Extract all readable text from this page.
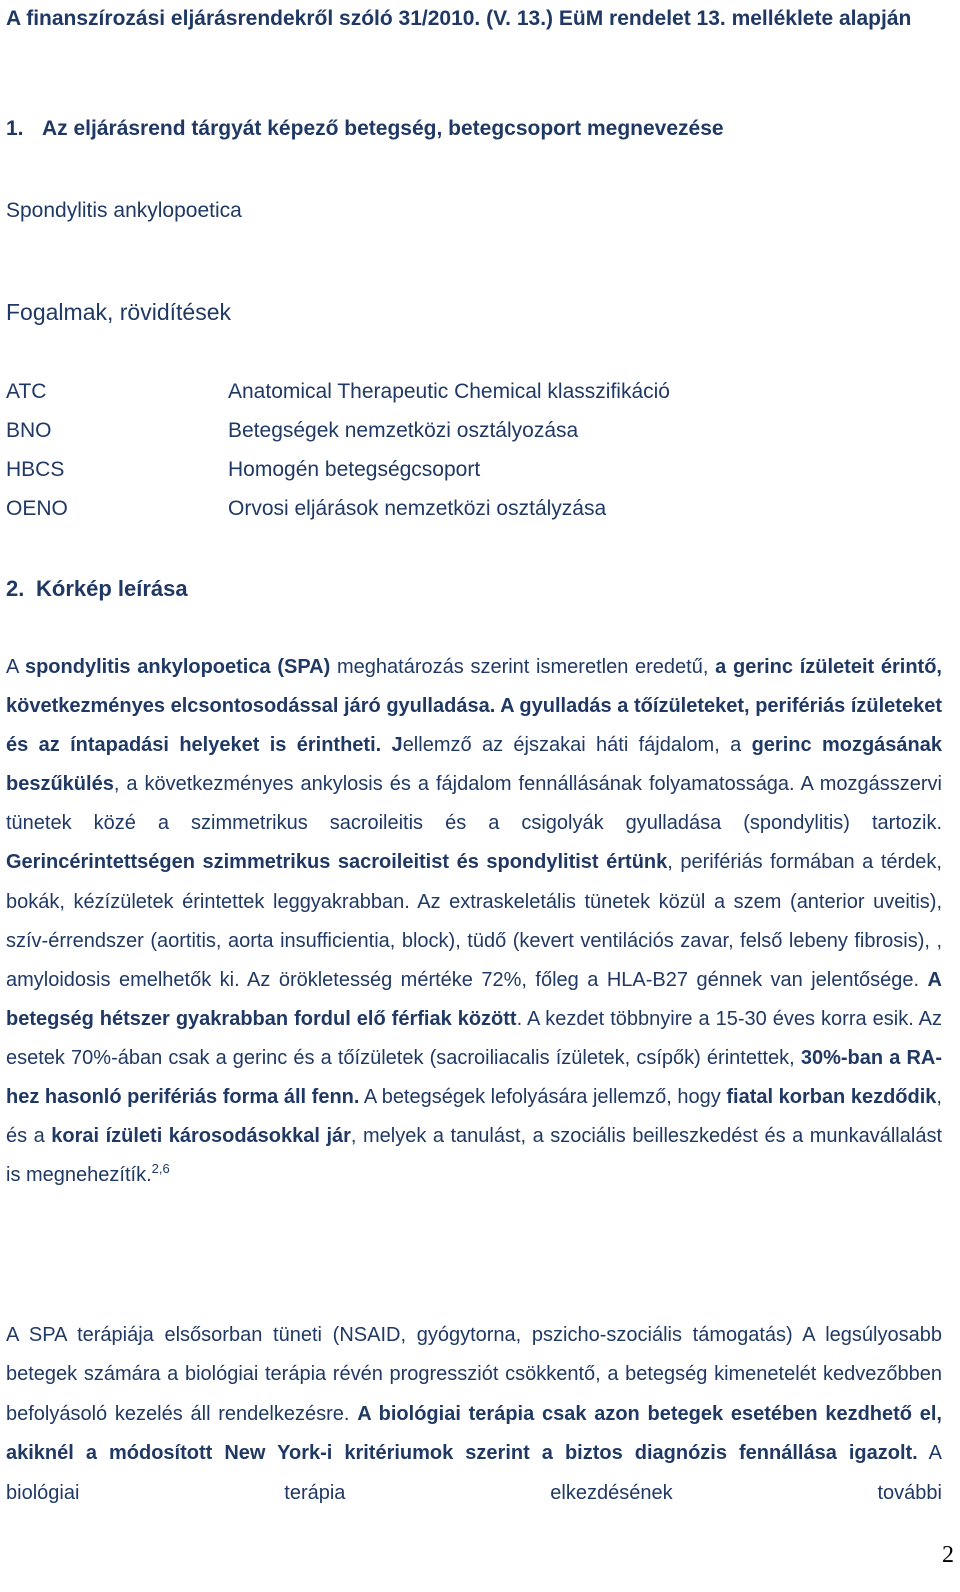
A finanszírozási eljárásrendekről szóló 31/2010. (V. 13.) EüM rendelet 13. melléklete alapján
1. Az eljárásrend tárgyát képező betegség, betegcsoport megnevezése
Spondylitis ankylopoetica
Fogalmak, rövidítések
ATC	Anatomical Therapeutic Chemical klasszifikáció
BNO	Betegségek nemzetközi osztályozása
HBCS	Homogén betegségcsoport
OENO	Orvosi eljárások nemzetközi osztályzása
2. Kórkép leírása

A spondylitis ankylopoetica (SPA) meghatározás szerint ismeretlen eredetű, a gerinc ízületeit érintő, következményes elcsontosodással járó gyulladása. A gyulladás a tőízületeket, perifériás ízületeket és az íntapadási helyeket is érintheti. Jellemző az éjszakai háti fájdalom, a gerinc mozgásának beszűkülés, a következményes ankylosis és a fájdalom fennállásának folyamatossága. A mozgásszervi tünetek közé a szimmetrikus sacroileitis és a csigolyák gyulladása (spondylitis) tartozik. Gerincérintettségen szimmetrikus sacroileitist és spondylitist értünk, perifériás formában a térdek, bokák, kézízületek érintettek leggyakrabban. Az extraskeletális tünetek közül a szem (anterior uveitis), szív-érrendszer (aortitis, aorta insufficientia, block), tüdő (kevert ventilációs zavar, felső lebeny fibrosis), , amyloidosis emelhetők ki. Az örökletesség mértéke 72%, főleg a HLA-B27 génnek van jelentősége. A betegség hétszer gyakrabban fordul elő férfiak között. A kezdet többnyire a 15-30 éves korra esik. Az esetek 70%-ában csak a gerinc és a tőízületek (sacroiliacalis ízületek, csípők) érintettek, 30%-ban a RA-hez hasonló perifériás forma áll fenn. A betegségek lefolyására jellemző, hogy fiatal korban kezdődik, és a korai ízületi károsodásokkal jár, melyek a tanulást, a szociális beilleszkedést és a munkavállalást is megnehezítík.$^{2,6}$

A SPA terápiája elsősorban tüneti (NSAID, gyógytorna, pszicho-szociális támogatás) A legsúlyosabb betegek számára a biológiai terápia révén progressziót csökkentő, a betegség kimenetelét kedvezőbben befolyásoló kezelés áll rendelkezésre. A biológiai terápia csak azon betegek esetében kezdhető el, akiknél a módosított New York-i kritériumok szerint a biztos diagnózis fennállása igazolt. A biológiai terápia elkezdésének további

2
